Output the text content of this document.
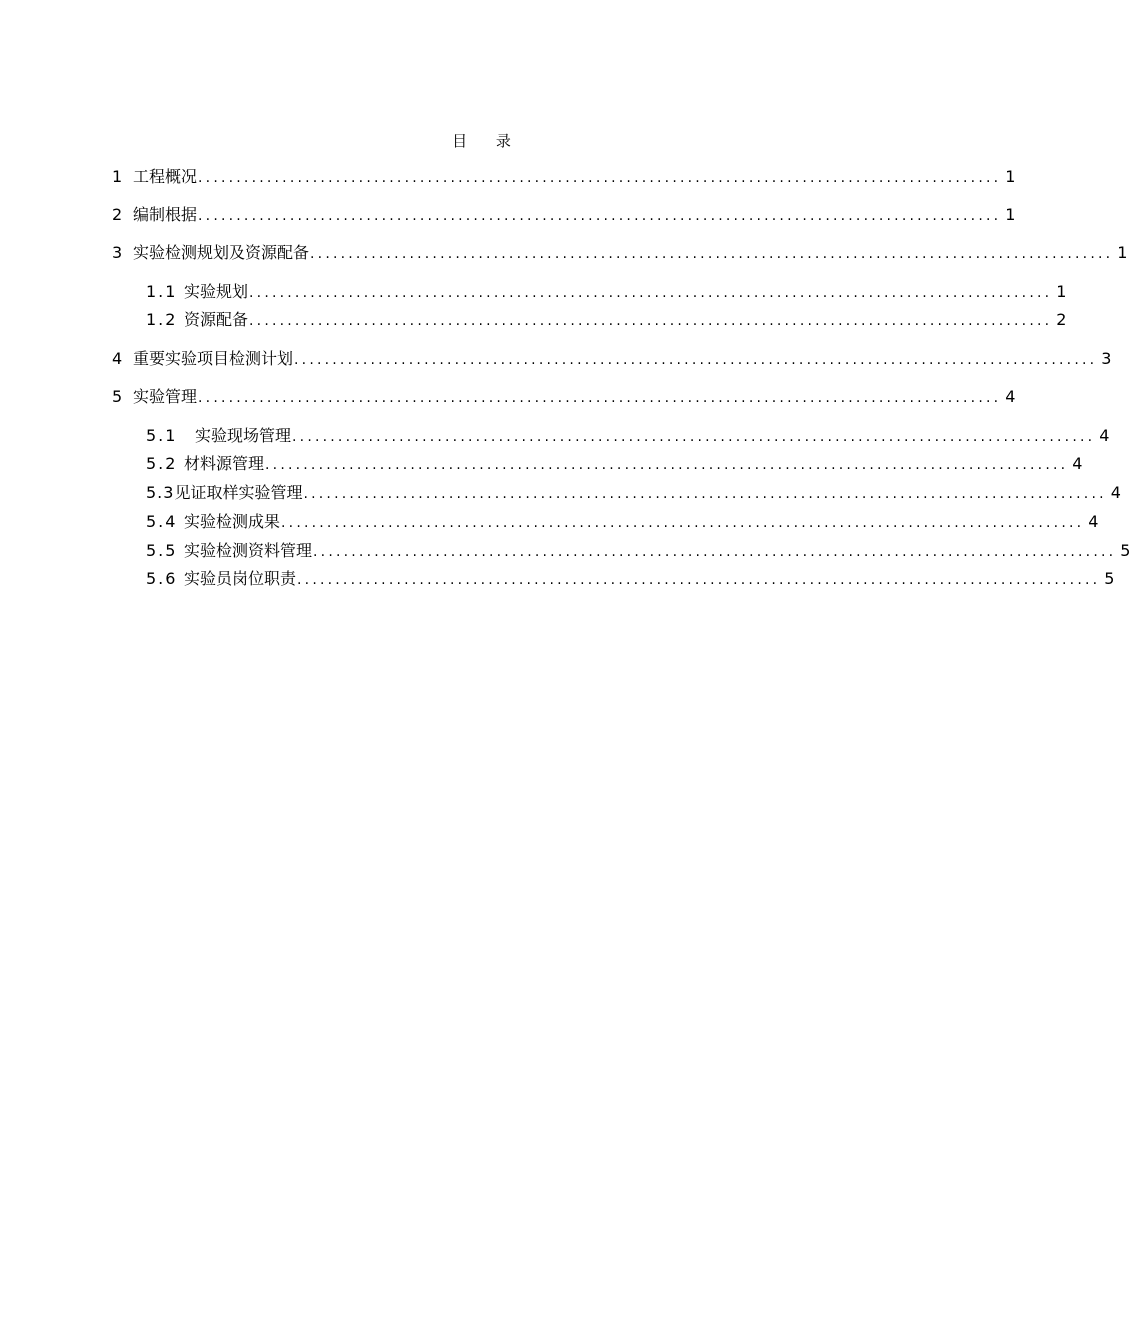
目 录
1 工程概况 ......................................................................................................... 1
2 编制根据 ......................................................................................................... 1
3 实验检测规划及资源配备 ......................................................................................................... 1
1.1 实验规划 ......................................................................................................... 1
1.2 资源配备 ......................................................................................................... 2
4 重要实验项目检测计划 ......................................................................................................... 3
5 实验管理 ......................................................................................................... 4
5.1	实验现场管理 ......................................................................................................... 4
5.2 材料源管理 ......................................................................................................... 4
5.3 见证取样实验管理 ......................................................................................................... 4
5.4 实验检测成果 ......................................................................................................... 4
5.5 实验检测资料管理 ......................................................................................................... 5
5.6 实验员岗位职责 ......................................................................................................... 5
